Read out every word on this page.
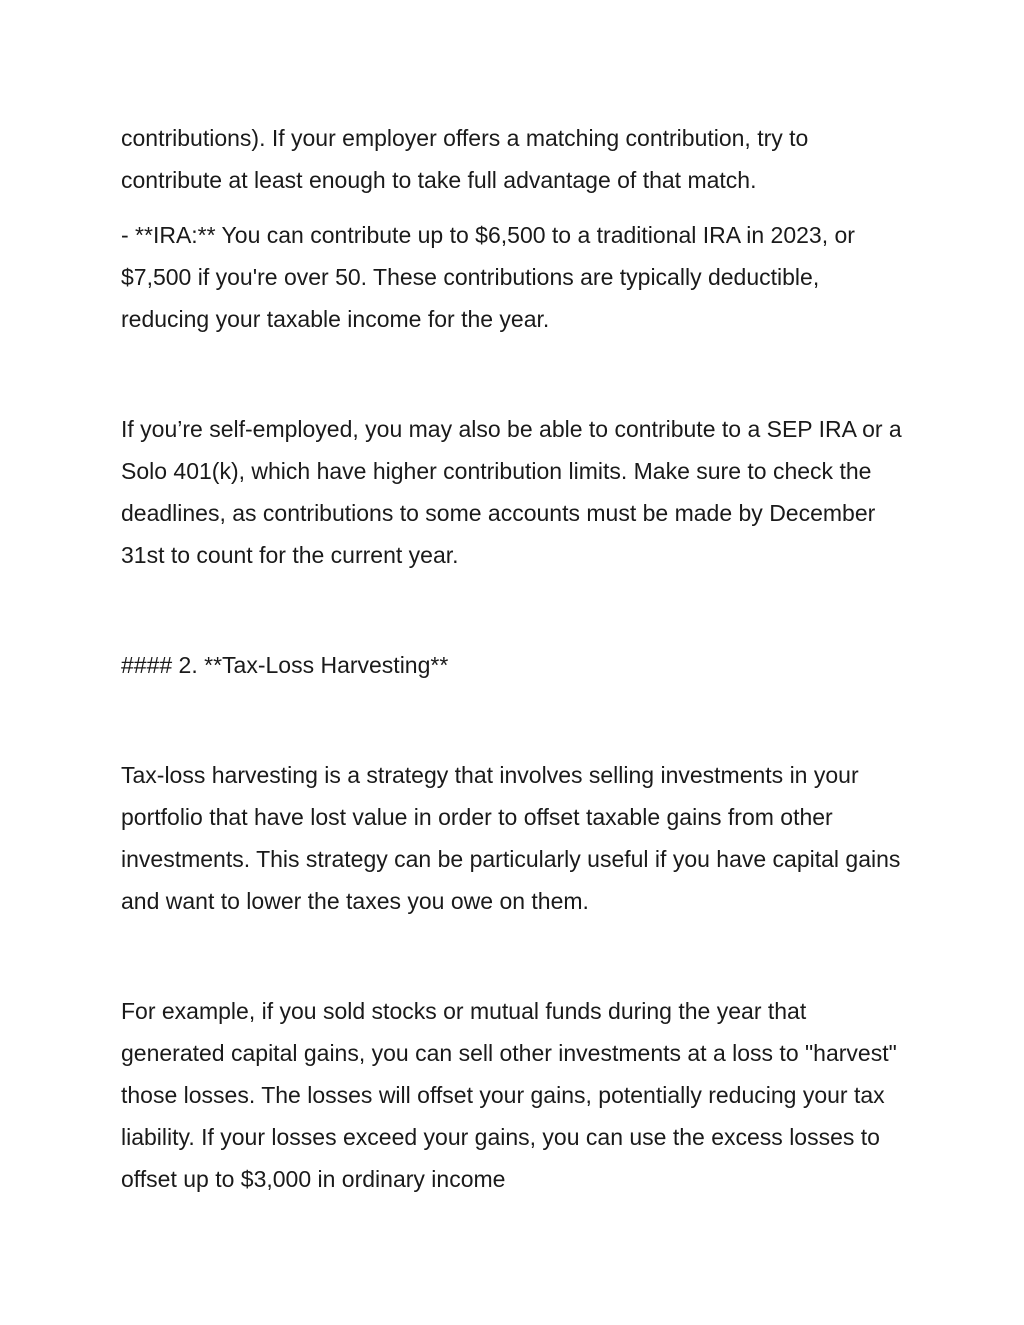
contributions). If your employer offers a matching contribution, try to contribute at least enough to take full advantage of that match.

- **IRA:** You can contribute up to $6,500 to a traditional IRA in 2023, or $7,500 if you're over 50. These contributions are typically deductible, reducing your taxable income for the year.

If you’re self-employed, you may also be able to contribute to a SEP IRA or a Solo 401(k), which have higher contribution limits. Make sure to check the deadlines, as contributions to some accounts must be made by December 31st to count for the current year.

#### 2. **Tax-Loss Harvesting**

Tax-loss harvesting is a strategy that involves selling investments in your portfolio that have lost value in order to offset taxable gains from other investments. This strategy can be particularly useful if you have capital gains and want to lower the taxes you owe on them.

For example, if you sold stocks or mutual funds during the year that generated capital gains, you can sell other investments at a loss to "harvest" those losses. The losses will offset your gains, potentially reducing your tax liability. If your losses exceed your gains, you can use the excess losses to offset up to $3,000 in ordinary income
